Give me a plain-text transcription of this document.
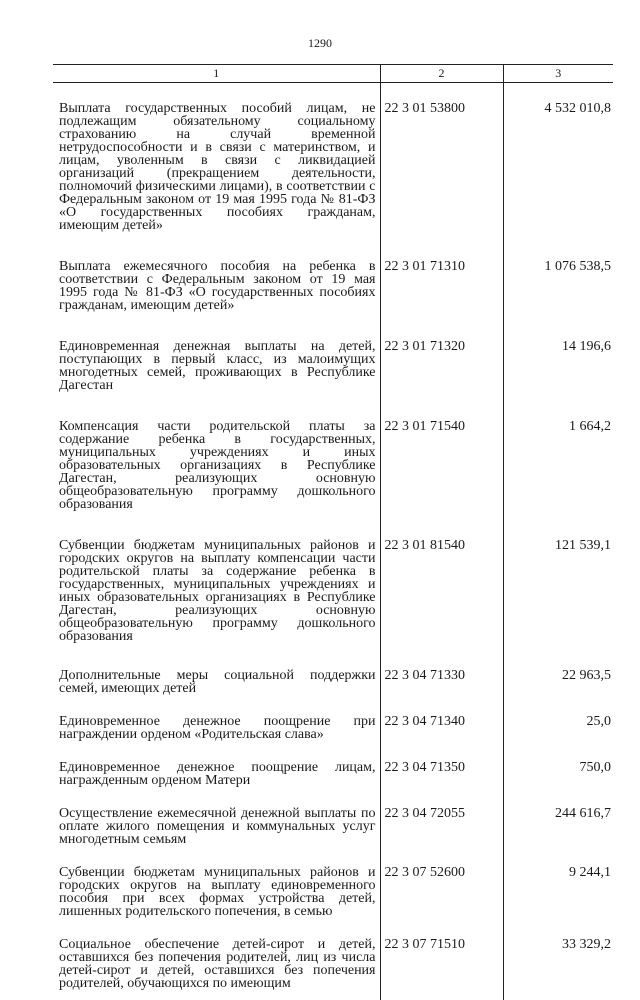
1290
1	2	3
Выплата государственных пособий лицам, не подлежащим обязательному социальному страхованию на случай временной нетрудоспособности и в связи с материнством, и лицам, уволенным в связи с ликвидацией организаций (прекращением деятельности, полномочий физическими лицами), в соответствии с Федеральным законом от 19 мая 1995 года № 81-ФЗ «О государственных пособиях гражданам, имеющим детей»	22 3 01 53800	4 532 010,8
Выплата ежемесячного пособия на ребенка в соответствии с Федеральным законом от 19 мая 1995 года № 81-ФЗ «О государственных пособиях гражданам, имеющим детей»	22 3 01 71310	1 076 538,5
Единовременная денежная выплаты на детей, поступающих в первый класс, из малоимущих многодетных семей, проживающих в Республике Дагестан	22 3 01 71320	14 196,6
Компенсация части родительской платы за содержание ребенка в государственных, муниципальных учреждениях и иных образовательных организациях в Республике Дагестан, реализующих основную общеобразовательную программу дошкольного образования	22 3 01 71540	1 664,2
Субвенции бюджетам муниципальных районов и городских округов на выплату компенсации части родительской платы за содержание ребенка в государственных, муниципальных учреждениях и иных образовательных организациях в Республике Дагестан, реализующих основную общеобразовательную программу дошкольного образования	22 3 01 81540	121 539,1
Дополнительные меры социальной поддержки семей, имеющих детей	22 3 04 71330	22 963,5
Единовременное денежное поощрение при награждении орденом «Родительская слава»	22 3 04 71340	25,0
Единовременное денежное поощрение лицам, награжденным орденом Матери	22 3 04 71350	750,0
Осуществление ежемесячной денежной выплаты по оплате жилого помещения и коммунальных услуг многодетным семьям	22 3 04 72055	244 616,7
Субвенции бюджетам муниципальных районов и городских округов на выплату единовременного пособия при всех формах устройства детей, лишенных родительского попечения, в семью	22 3 07 52600	9 244,1
Социальное обеспечение детей-сирот и детей, оставшихся без попечения родителей, лиц из числа детей-сирот и детей, оставшихся без попечения родителей, обучающихся по имеющим	22 3 07 71510	33 329,2
